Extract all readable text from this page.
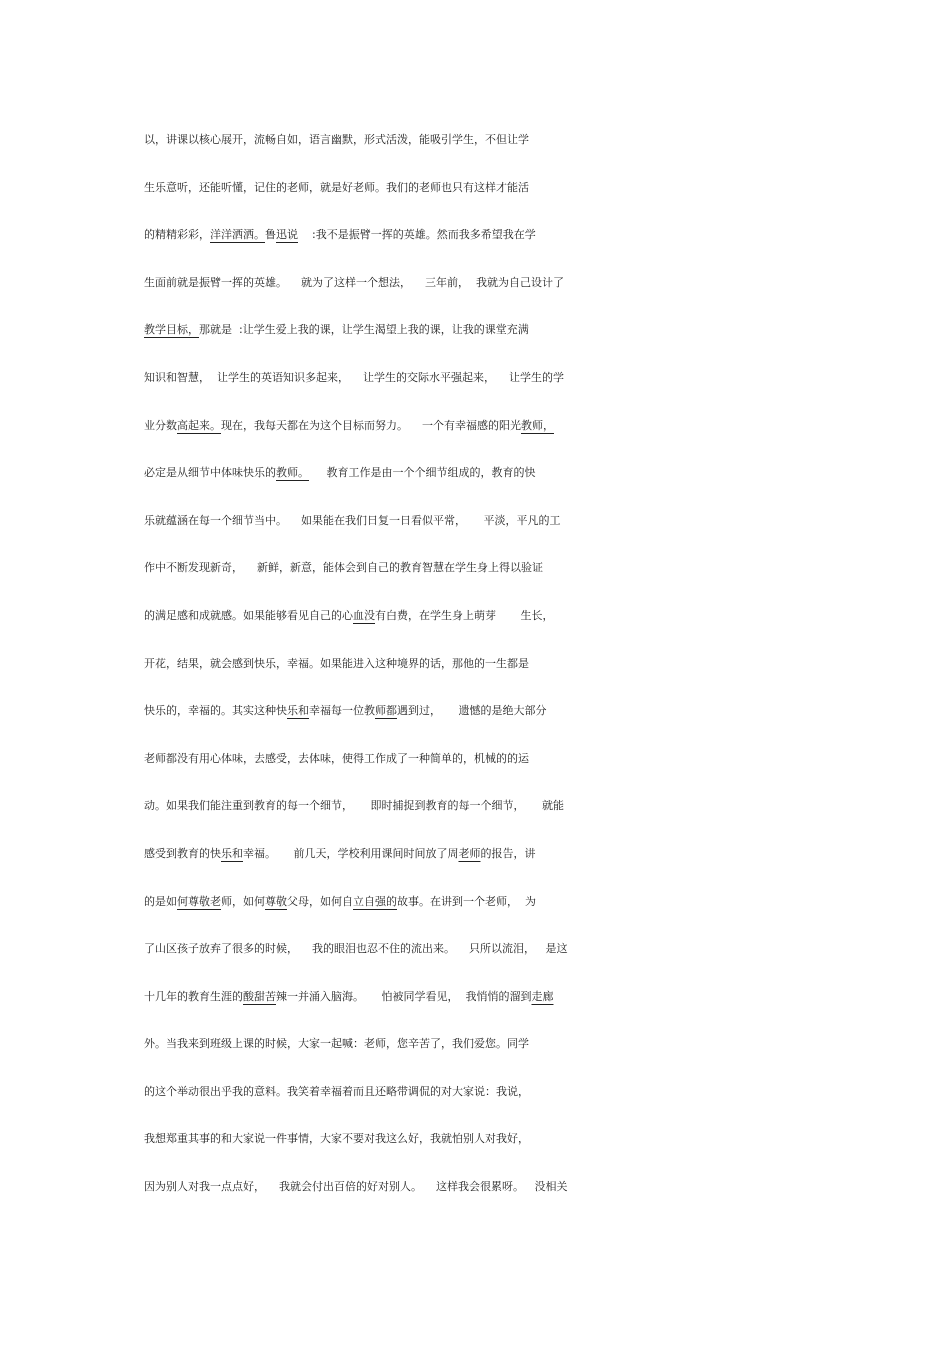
以，讲课以核心展开，流畅自如，语言幽默，形式活泼，能吸引学生，不但让学
生乐意听，还能听懂，记住的老师，就是好老师。我们的老师也只有这样才能活
的精精彩彩，洋洋洒洒。鲁迅说    :我不是振臂一挥的英雄。然而我多希望我在学
生面前就是振臂一挥的英雄。    就为了这样一个想法，    三年前，  我就为自己设计了
教学目标，那就是  :让学生爱上我的课，让学生渴望上我的课，让我的课堂充满
知识和智慧，  让学生的英语知识多起来，    让学生的交际水平强起来，    让学生的学
业分数高起来。现在，我每天都在为这个目标而努力。    一个有幸福感的阳光教师，
必定是从细节中体味快乐的教师。     教育工作是由一个个细节组成的，教育的快
乐就蕴涵在每一个细节当中。    如果能在我们日复一日看似平常，     平淡，平凡的工
作中不断发现新奇，    新鲜，新意，能体会到自己的教育智慧在学生身上得以验证
的满足感和成就感。如果能够看见自己的心血没有白费，在学生身上萌芽       生长，
开花，结果，就会感到快乐，幸福。如果能进入这种境界的话，那他的一生都是
快乐的，幸福的。其实这种快乐和幸福每一位教师都遇到过，     遗憾的是绝大部分
老师都没有用心体味，去感受，去体味，使得工作成了一种简单的，机械的的运
动。如果我们能注重到教育的每一个细节，     即时捕捉到教育的每一个细节，     就能
感受到教育的快乐和幸福。     前几天，学校利用课间时间放了周老师的报告，讲
的是如何尊敬老师，如何尊敬父母，如何自立自强的故事。在讲到一个老师，  为
了山区孩子放弃了很多的时候，    我的眼泪也忍不住的流出来。    只所以流泪，   是这
十几年的教育生涯的酸甜苦辣一并涌入脑海。     怕被同学看见，  我悄悄的溜到走廊
外。当我来到班级上课的时候，大家一起喊：老师，您辛苦了，我们爱您。同学
的这个举动很出乎我的意料。我笑着幸福着而且还略带调侃的对大家说：我说，
我想郑重其事的和大家说一件事情，大家不要对我这么好，我就怕别人对我好，
因为别人对我一点点好，    我就会付出百倍的好对别人。    这样我会很累呀。   没相关
